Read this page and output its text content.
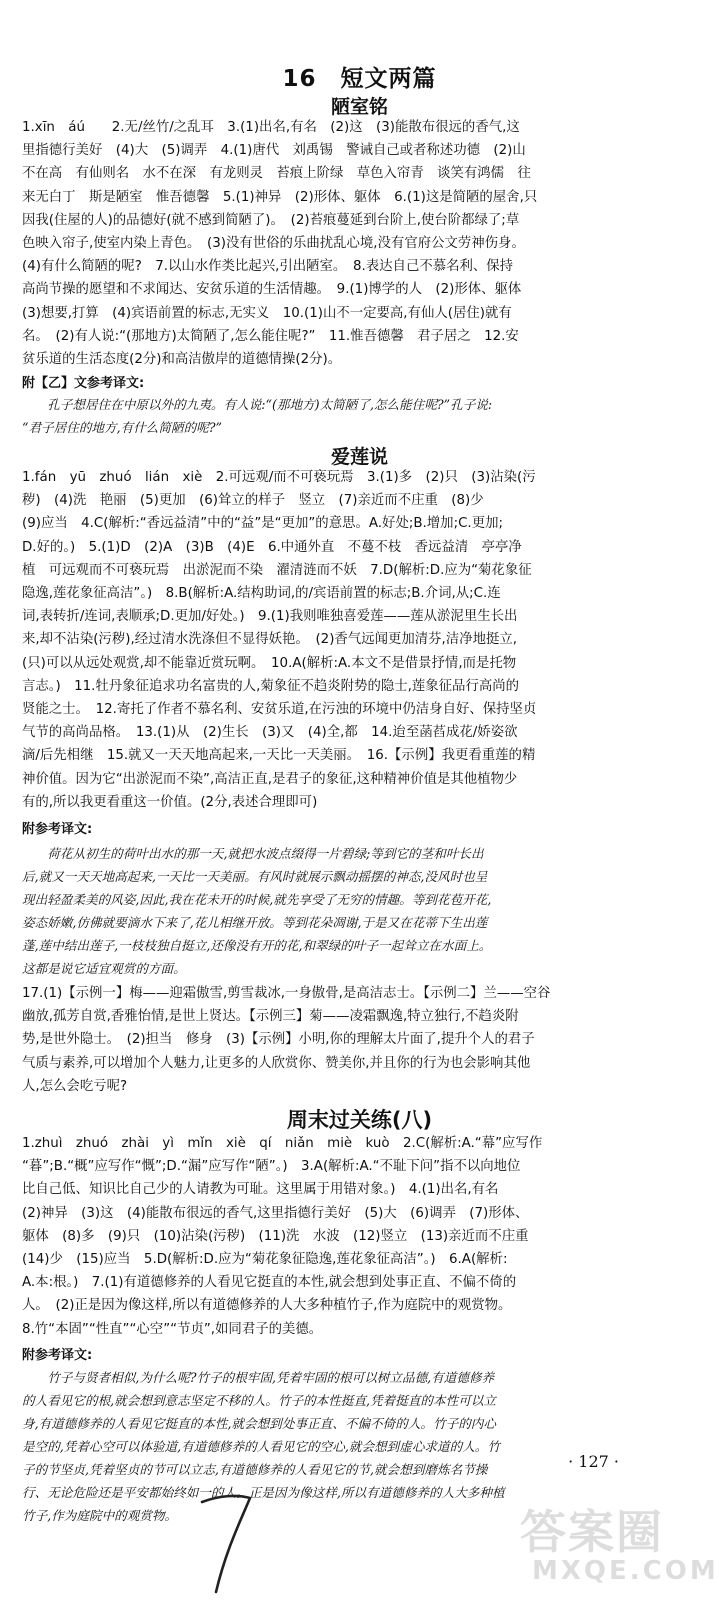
16　短文两篇
陋室铭

1.xīn　áú　　2.无/丝竹/之乱耳　3.(1)出名,有名　(2)这　(3)能散布很远的香气,这

里指德行美好　(4)大　(5)调弄　4.(1)唐代　刘禹锡　警诫自己或者称述功德　(2)山

不在高　有仙则名　水不在深　有龙则灵　苔痕上阶绿　草色入帘青　谈笑有鸿儒　往

来无白丁　斯是陋室　惟吾德馨　5.(1)神异　(2)形体、躯体　6.(1)这是简陋的屋舍,只

因我(住屋的人)的品德好(就不感到简陋了)。　(2)苔痕蔓延到台阶上,使台阶都绿了;草

色映入帘子,使室内染上青色。　(3)没有世俗的乐曲扰乱心境,没有官府公文劳神伤身。

(4)有什么简陋的呢?　7.以山水作类比起兴,引出陋室。　8.表达自己不慕名利、保持

高尚节操的愿望和不求闻达、安贫乐道的生活情趣。　9.(1)博学的人　(2)形体、躯体

(3)想要,打算　(4)宾语前置的标志,无实义　10.(1)山不一定要高,有仙人(居住)就有

名。　(2)有人说:“(那地方)太简陋了,怎么能住呢?”　11.惟吾德馨　君子居之　12.安

贫乐道的生活态度(2分)和高洁傲岸的道德情操(2分)。

附【乙】文参考译文:

孔子想居住在中原以外的九夷。有人说:“(那地方)太简陋了,怎么能住呢?”孔子说:

“君子居住的地方,有什么简陋的呢?”

爱莲说

1.fán　yū　zhuó　lián　xiè　2.可远观/而不可亵玩焉　3.(1)多　(2)只　(3)沾染(污

秽)　(4)洗　艳丽　(5)更加　(6)耸立的样子　竖立　(7)亲近而不庄重　(8)少

(9)应当　4.C(解析:“香远益清”中的“益”是“更加”的意思。A.好处;B.增加;C.更加;

D.好的。)　5.(1)D　(2)A　(3)B　(4)E　6.中通外直　不蔓不枝　香远益清　亭亭净

植　可远观而不可亵玩焉　出淤泥而不染　濯清涟而不妖　7.D(解析:D.应为“菊花象征

隐逸,莲花象征高洁”。)　8.B(解析:A.结构助词,的/宾语前置的标志;B.介词,从;C.连

词,表转折/连词,表顺承;D.更加/好处。)　9.(1)我则唯独喜爱莲——莲从淤泥里生长出

来,却不沾染(污秽),经过清水洗涤但不显得妖艳。　(2)香气远闻更加清芬,洁净地挺立,

(只)可以从远处观赏,却不能靠近赏玩啊。　10.A(解析:A.本文不是借景抒情,而是托物

言志。)　11.牡丹象征追求功名富贵的人,菊象征不趋炎附势的隐士,莲象征品行高尚的

贤能之士。　12.寄托了作者不慕名利、安贫乐道,在污浊的环境中仍洁身自好、保持坚贞

气节的高尚品格。　13.(1)从　(2)生长　(3)又　(4)全,都　14.迨至菡萏成花/娇姿欲

滴/后先相继　15.就又一天天地高起来,一天比一天美丽。　16.【示例】我更看重莲的精

神价值。因为它“出淤泥而不染”,高洁正直,是君子的象征,这种精神价值是其他植物少

有的,所以我更看重这一价值。(2分,表述合理即可)

附参考译文:

荷花从初生的荷叶出水的那一天,就把水波点缀得一片碧绿;等到它的茎和叶长出

后,就又一天天地高起来,一天比一天美丽。有风时就展示飘动摇摆的神态,没风时也呈

现出轻盈柔美的风姿,因此,我在花未开的时候,就先享受了无穷的情趣。等到花苞开花,

姿态娇嫩,仿佛就要滴水下来了,花儿相继开放。等到花朵凋谢,于是又在花蒂下生出莲

蓬,莲中结出莲子,一枝枝独自挺立,还像没有开的花,和翠绿的叶子一起耸立在水面上。

这都是说它适宜观赏的方面。

17.(1)【示例一】梅——迎霜傲雪,剪雪裁冰,一身傲骨,是高洁志士。【示例二】兰——空谷

幽放,孤芳自赏,香雅怡情,是世上贤达。【示例三】菊——凌霜飘逸,特立独行,不趋炎附

势,是世外隐士。　(2)担当　修身　(3)【示例】小明,你的理解太片面了,提升个人的君子

气质与素养,可以增加个人魅力,让更多的人欣赏你、赞美你,并且你的行为也会影响其他

人,怎么会吃亏呢?

周末过关练(八)

1.zhuì　zhuó　zhài　yì　mǐn　xiè　qí　niǎn　miè　kuò　2.C(解析:A.“幕”应写作

“暮”;B.“概”应写作“慨”;D.“漏”应写作“陋”。)　3.A(解析:A.“不耻下问”指不以向地位

比自己低、知识比自己少的人请教为可耻。这里属于用错对象。)　4.(1)出名,有名

(2)神异　(3)这　(4)能散布很远的香气,这里指德行美好　(5)大　(6)调弄　(7)形体、

躯体　(8)多　(9)只　(10)沾染(污秽)　(11)洗　水波　(12)竖立　(13)亲近而不庄重

(14)少　(15)应当　5.D(解析:D.应为“菊花象征隐逸,莲花象征高洁”。)　6.A(解析:

A.本:根。)　7.(1)有道德修养的人看见它挺直的本性,就会想到处事正直、不偏不倚的

人。　(2)正是因为像这样,所以有道德修养的人大多种植竹子,作为庭院中的观赏物。

8.竹“本固”“性直”“心空”“节贞”,如同君子的美德。

附参考译文:

竹子与贤者相似,为什么呢?竹子的根牢固,凭着牢固的根可以树立品德,有道德修养

的人看见它的根,就会想到意志坚定不移的人。竹子的本性挺直,凭着挺直的本性可以立

身,有道德修养的人看见它挺直的本性,就会想到处事正直、不偏不倚的人。竹子的内心

是空的,凭着心空可以体验道,有道德修养的人看见它的空心,就会想到虚心求道的人。竹

子的节坚贞,凭着坚贞的节可以立志,有道德修养的人看见它的节,就会想到磨炼名节操

行、无论危险还是平安都始终如一的人。正是因为像这样,所以有道德修养的人大多种植

竹子,作为庭院中的观赏物。

· 127 ·
答案圈
MXQE.COM
